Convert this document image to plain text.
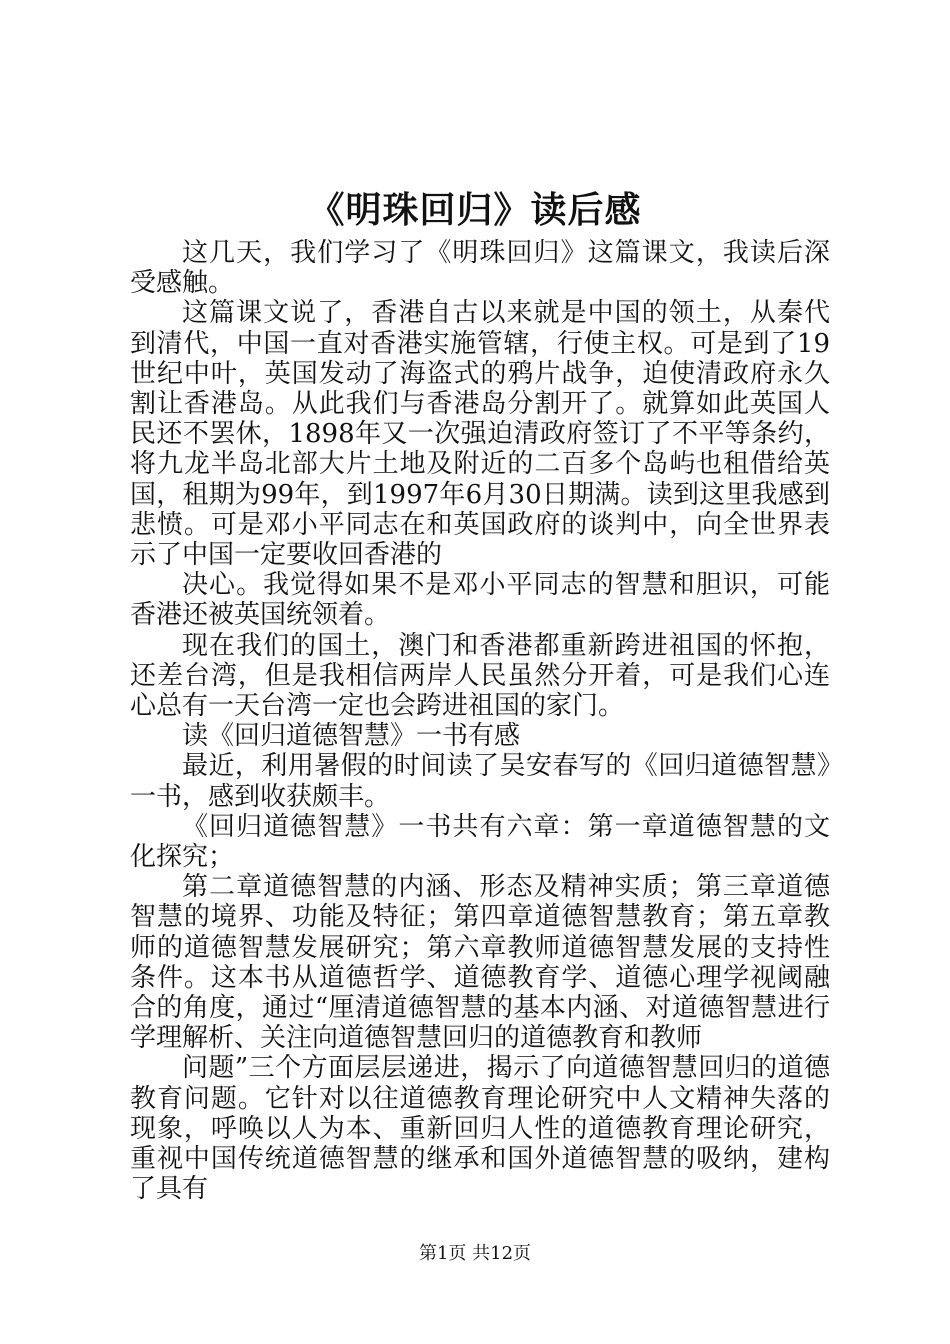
《明珠回归》读后感

这几天，我们学习了《明珠回归》这篇课文，我读后深受感触。

这篇课文说了，香港自古以来就是中国的领土，从秦代到清代，中国一直对香港实施管辖，行使主权。可是到了19世纪中叶，英国发动了海盗式的鸦片战争，迫使清政府永久割让香港岛。从此我们与香港岛分割开了。就算如此英国人民还不罢休，1898年又一次强迫清政府签订了不平等条约，将九龙半岛北部大片土地及附近的二百多个岛屿也租借给英国，租期为99年，到1997年6月30日期满。读到这里我感到悲愤。可是邓小平同志在和英国政府的谈判中，向全世界表示了中国一定要收回香港的

决心。我觉得如果不是邓小平同志的智慧和胆识，可能香港还被英国统领着。

现在我们的国土，澳门和香港都重新跨进祖国的怀抱，还差台湾，但是我相信两岸人民虽然分开着，可是我们心连心总有一天台湾一定也会跨进祖国的家门。

读《回归道德智慧》一书有感

最近，利用暑假的时间读了吴安春写的《回归道德智慧》一书，感到收获颇丰。

《回归道德智慧》一书共有六章：第一章道德智慧的文化探究；

第二章道德智慧的内涵、形态及精神实质；第三章道德智慧的境界、功能及特征；第四章道德智慧教育；第五章教师的道德智慧发展研究；第六章教师道德智慧发展的支持性条件。这本书从道德哲学、道德教育学、道德心理学视阈融合的角度，通过“厘清道德智慧的基本内涵、对道德智慧进行学理解析、关注向道德智慧回归的道德教育和教师

问题”三个方面层层递进，揭示了向道德智慧回归的道德教育问题。它针对以往道德教育理论研究中人文精神失落的现象，呼唤以人为本、重新回归人性的道德教育理论研究，重视中国传统道德智慧的继承和国外道德智慧的吸纳，建构了具有

第1页 共12页
